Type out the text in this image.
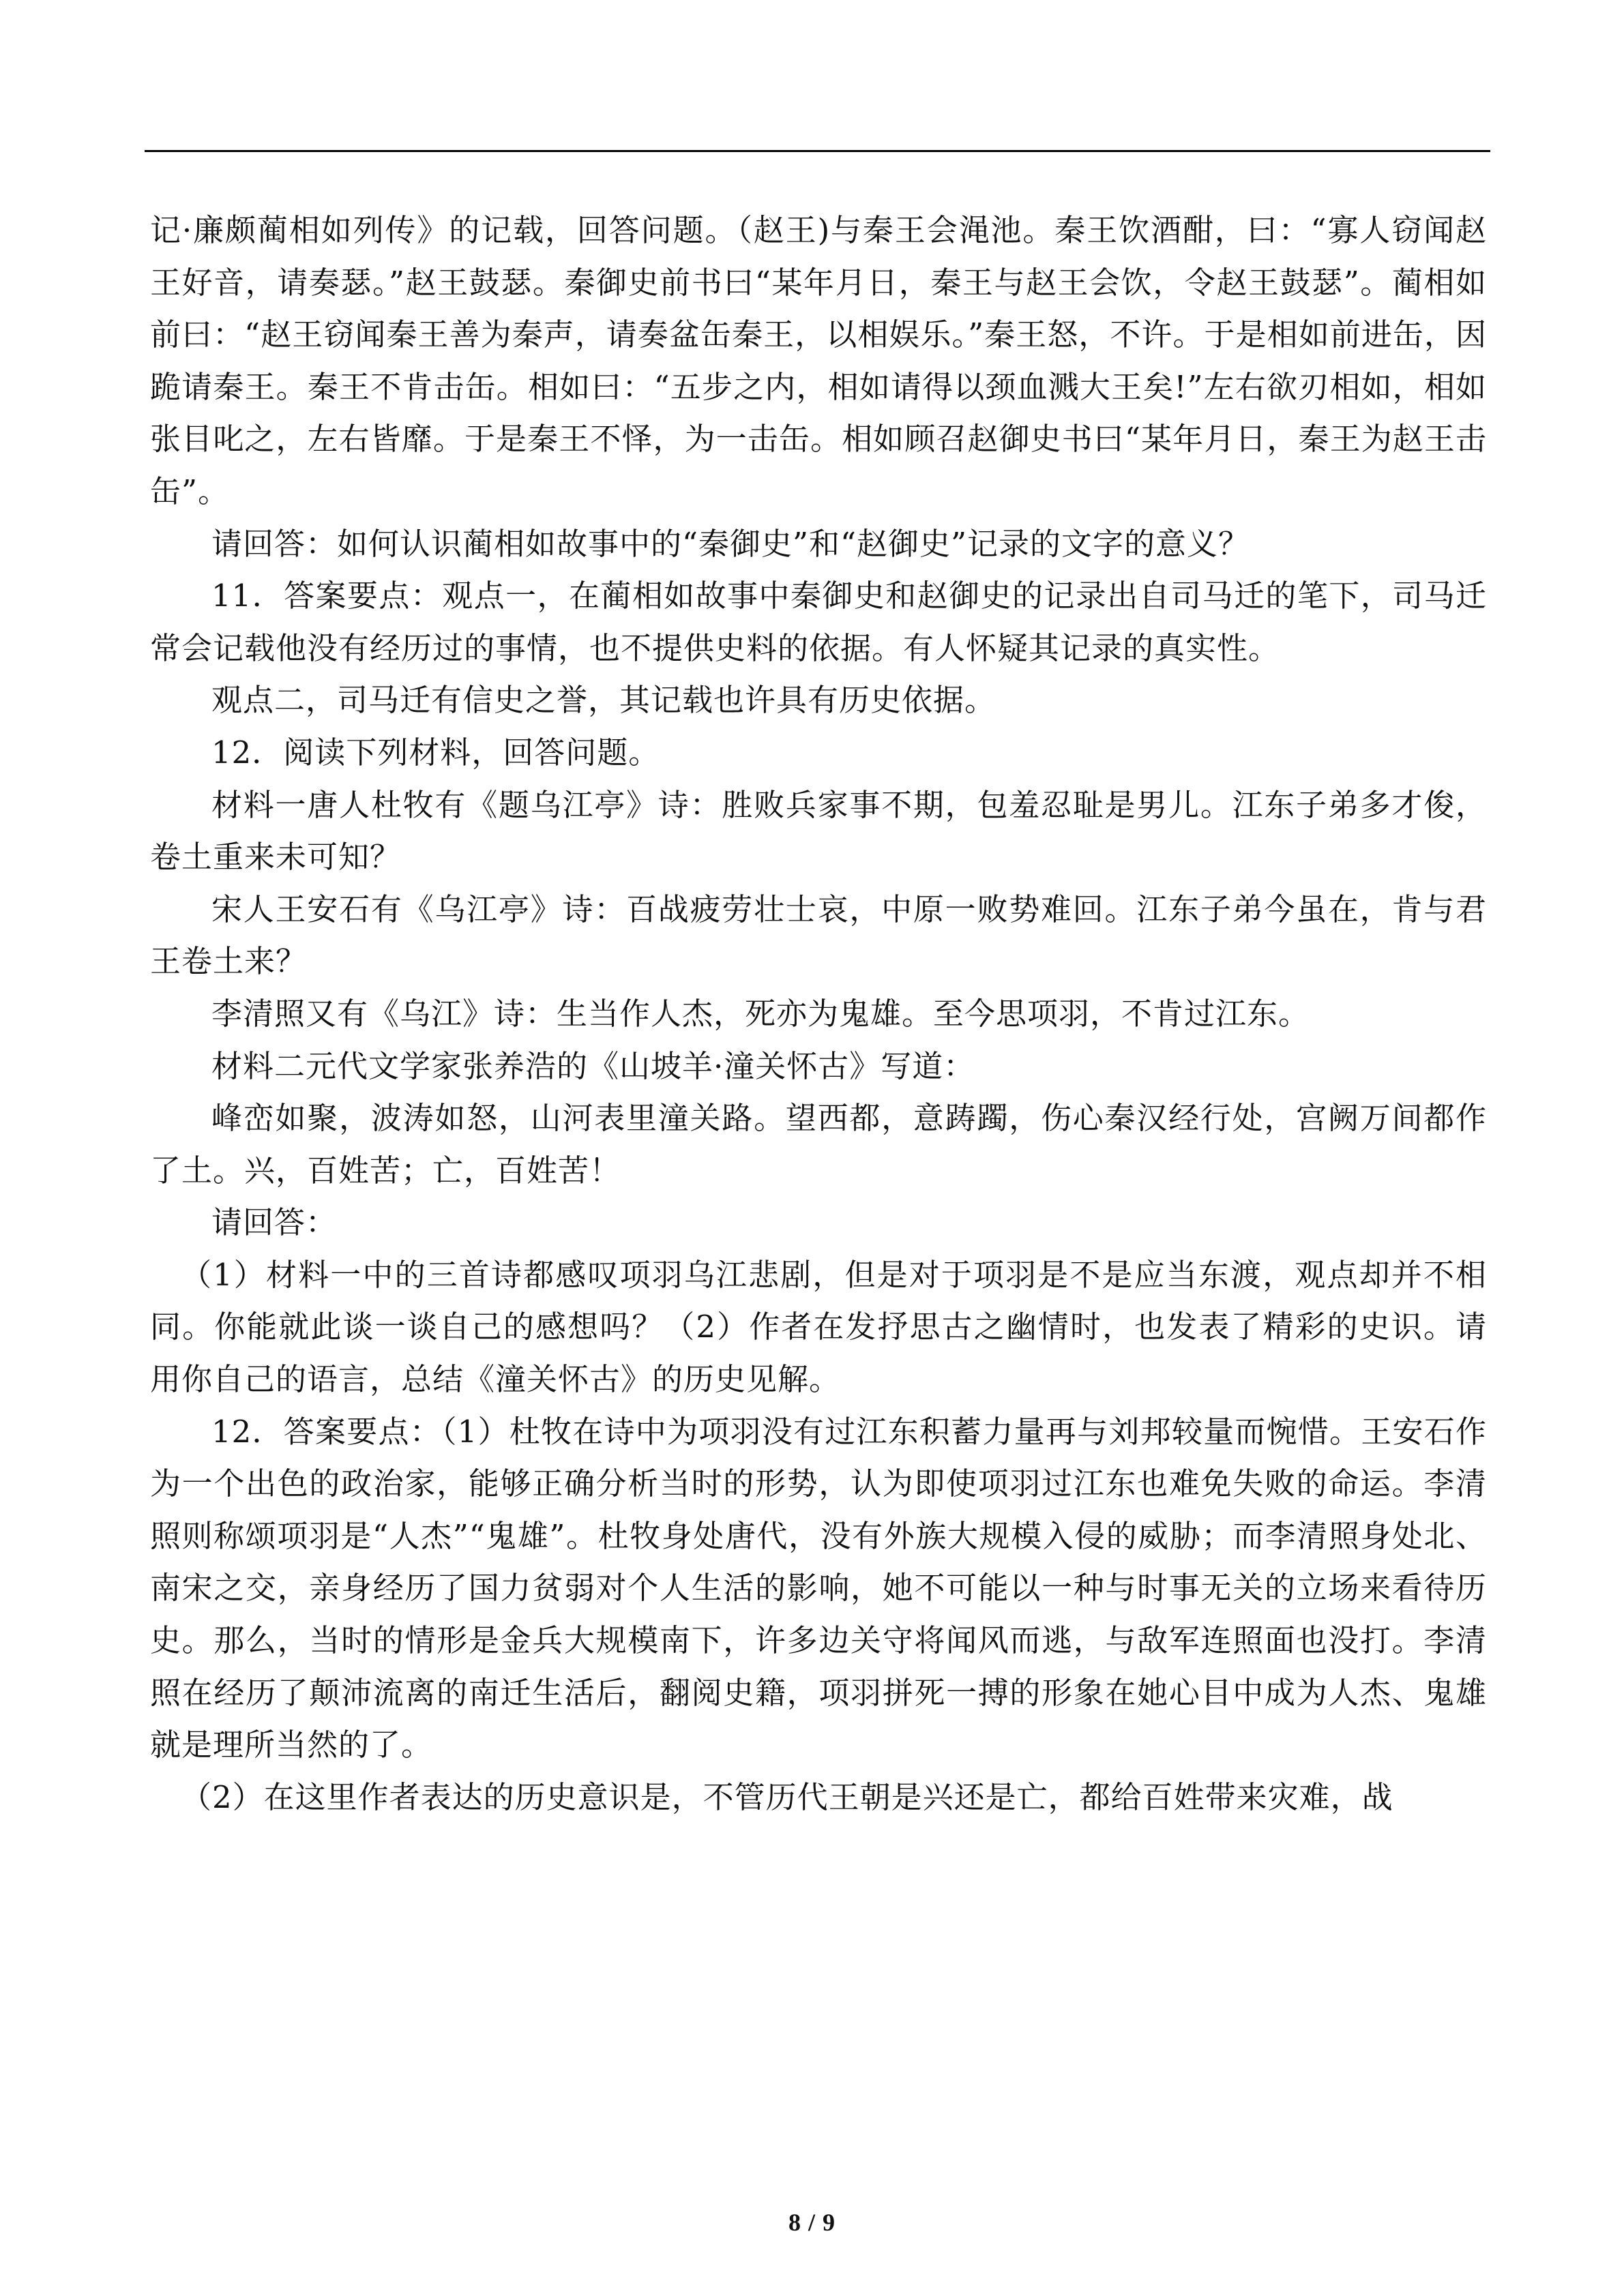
记·廉颇蔺相如列传》的记载，回答问题。（赵王)与秦王会渑池。秦王饮酒酣，曰：“寡人窃闻赵王好音，请奏瑟。”赵王鼓瑟。秦御史前书曰“某年月日，秦王与赵王会饮，令赵王鼓瑟”。蔺相如前曰：“赵王窃闻秦王善为秦声，请奏盆缶秦王，以相娱乐。”秦王怒，不许。于是相如前进缶，因跪请秦王。秦王不肯击缶。相如曰：“五步之内，相如请得以颈血溅大王矣!”左右欲刃相如，相如张目叱之，左右皆靡。于是秦王不怿，为一击缶。相如顾召赵御史书曰“某年月日，秦王为赵王击缶”。

请回答：如何认识蔺相如故事中的“秦御史”和“赵御史”记录的文字的意义？

11．答案要点：观点一，在蔺相如故事中秦御史和赵御史的记录出自司马迁的笔下，司马迁常会记载他没有经历过的事情，也不提供史料的依据。有人怀疑其记录的真实性。

观点二，司马迁有信史之誉，其记载也许具有历史依据。

12．阅读下列材料，回答问题。

材料一唐人杜牧有《题乌江亭》诗：胜败兵家事不期，包羞忍耻是男儿。江东子弟多才俊，卷土重来未可知？

宋人王安石有《乌江亭》诗：百战疲劳壮士哀，中原一败势难回。江东子弟今虽在，肯与君王卷土来？

李清照又有《乌江》诗：生当作人杰，死亦为鬼雄。至今思项羽，不肯过江东。

材料二元代文学家张养浩的《山坡羊·潼关怀古》写道：

峰峦如聚，波涛如怒，山河表里潼关路。望西都，意踌躅，伤心秦汉经行处，宫阙万间都作了土。兴，百姓苦；亡，百姓苦！

请回答：

（1）材料一中的三首诗都感叹项羽乌江悲剧，但是对于项羽是不是应当东渡，观点却并不相同。你能就此谈一谈自己的感想吗？（2）作者在发抒思古之幽情时，也发表了精彩的史识。请用你自己的语言，总结《潼关怀古》的历史见解。

12．答案要点：（1）杜牧在诗中为项羽没有过江东积蓄力量再与刘邦较量而惋惜。王安石作为一个出色的政治家，能够正确分析当时的形势，认为即使项羽过江东也难免失败的命运。李清照则称颂项羽是“人杰”“鬼雄”。杜牧身处唐代，没有外族大规模入侵的威胁；而李清照身处北、南宋之交，亲身经历了国力贫弱对个人生活的影响，她不可能以一种与时事无关的立场来看待历史。那么，当时的情形是金兵大规模南下，许多边关守将闻风而逃，与敌军连照面也没打。李清照在经历了颠沛流离的南迁生活后，翻阅史籍，项羽拼死一搏的形象在她心目中成为人杰、鬼雄就是理所当然的了。

（2）在这里作者表达的历史意识是，不管历代王朝是兴还是亡，都给百姓带来灾难，战

8 / 9
